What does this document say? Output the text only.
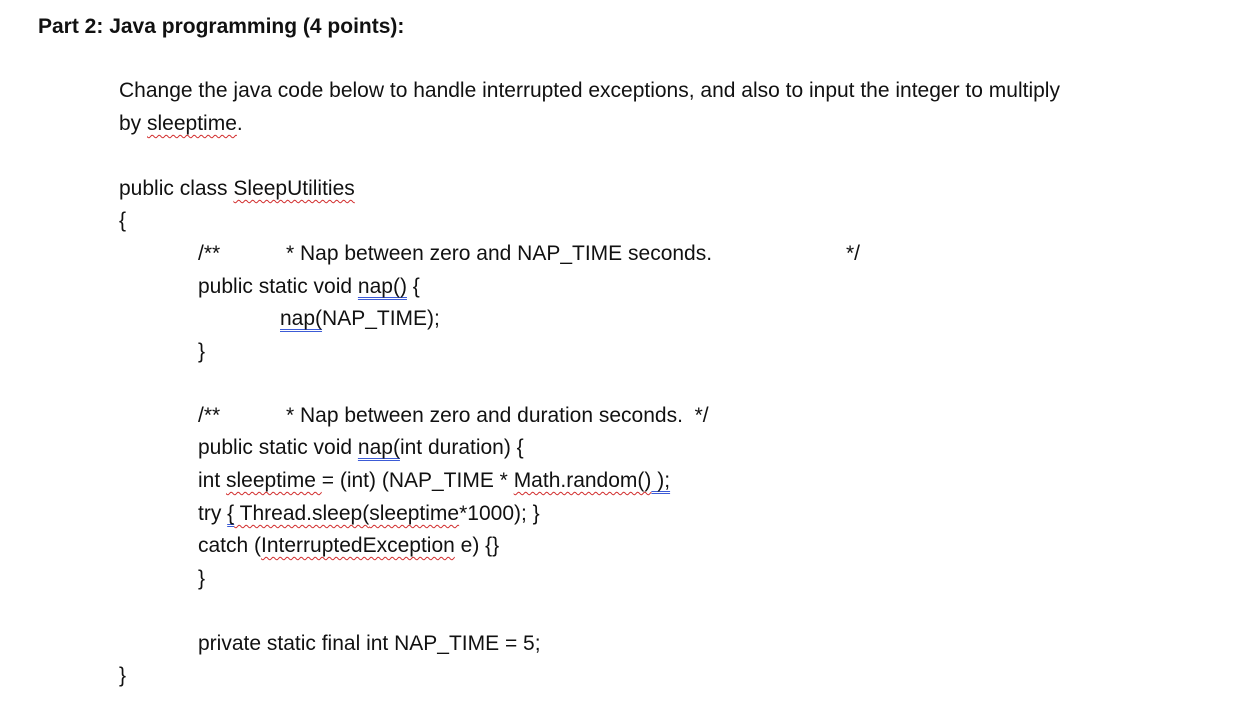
Part 2: Java programming (4 points):
Change the java code below to handle interrupted exceptions, and also to input the integer to multiply
by sleeptime.
public class SleepUtilities
{
/**	* Nap between zero and NAP_TIME seconds.	*/
public static void nap() {
nap(NAP_TIME);
}
/**	* Nap between zero and duration seconds.  */
public static void nap(int duration) {
int sleeptime = (int) (NAP_TIME * Math.random() );
try { Thread.sleep(sleeptime*1000); }
catch (InterruptedException e) {}
}
private static final int NAP_TIME = 5;
}
